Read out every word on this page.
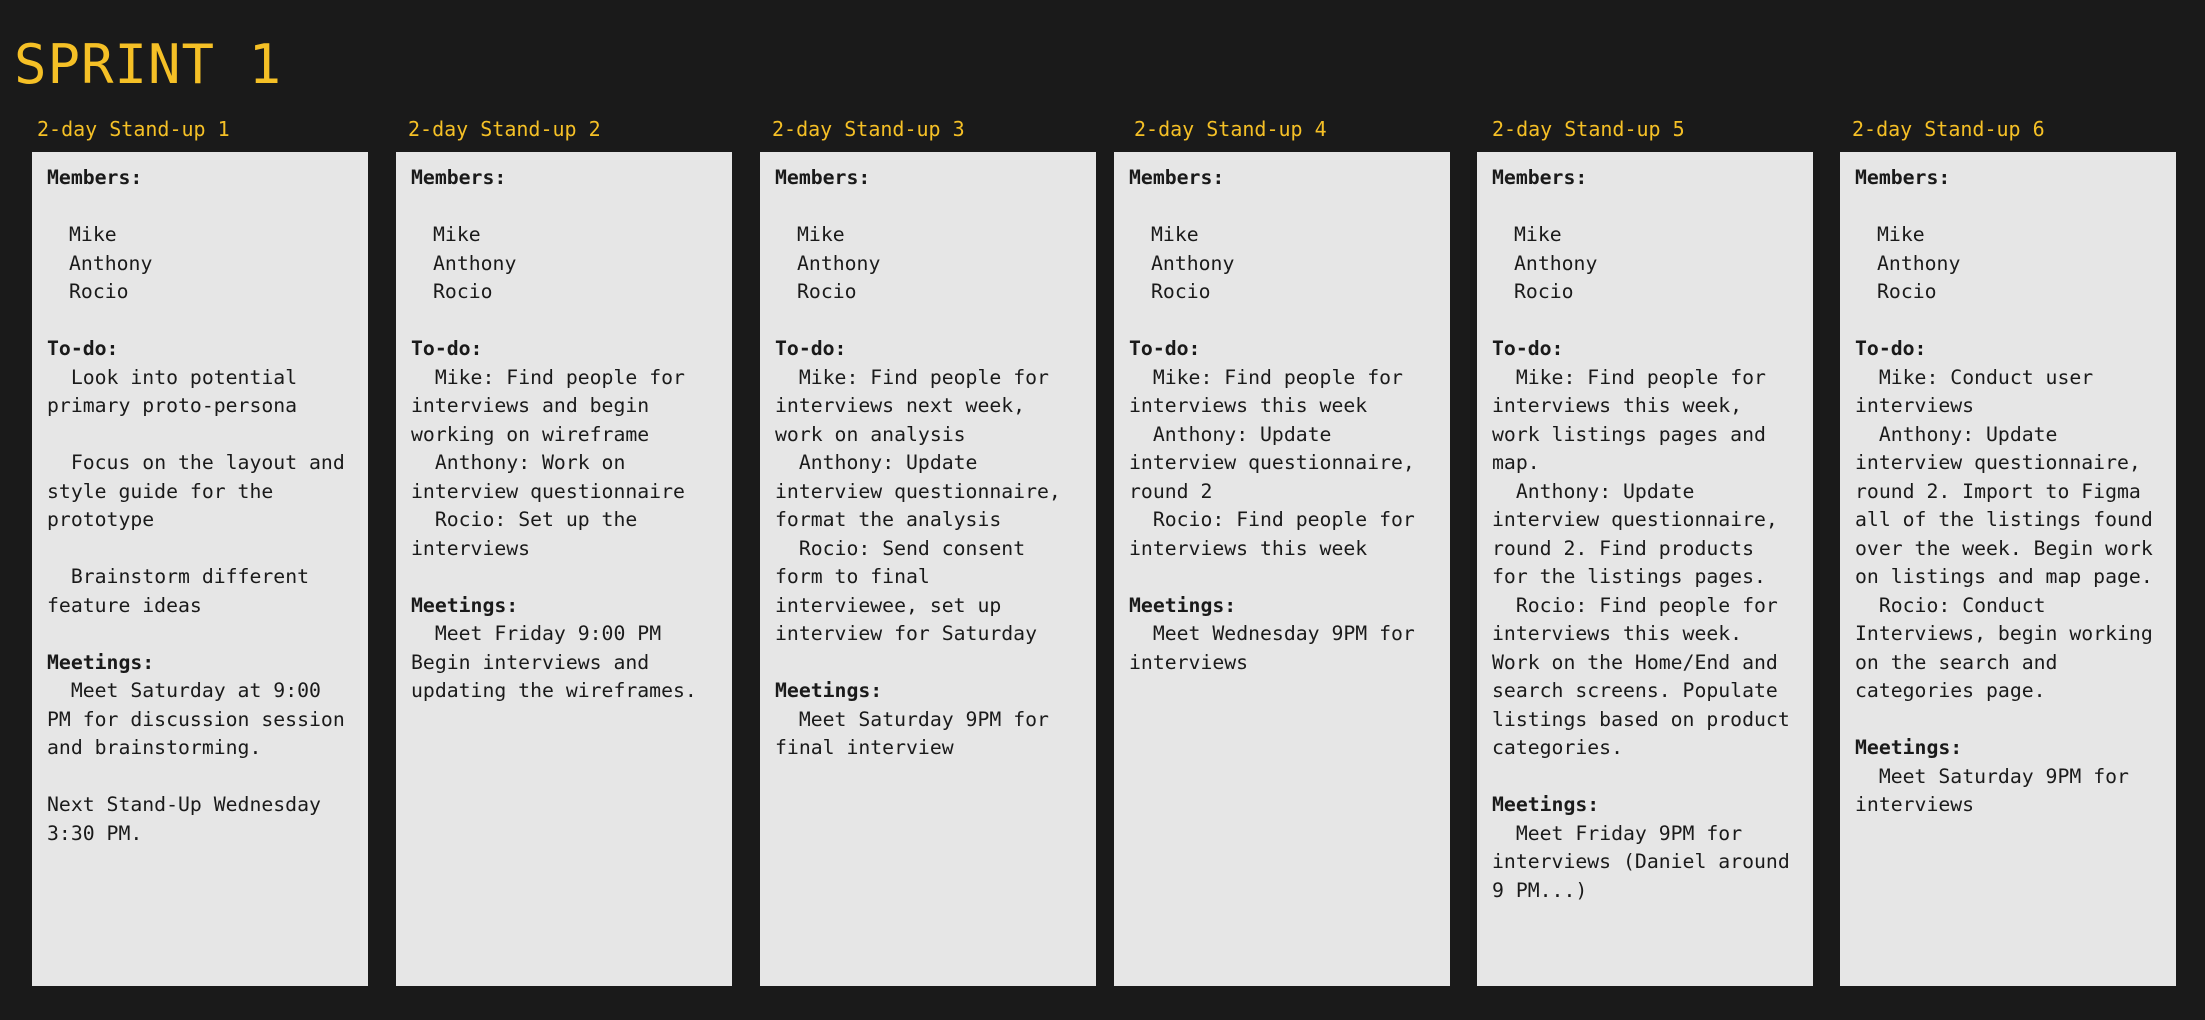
SPRINT 1
2-day Stand-up 1
Members:
Mike
Anthony
Rocio
To-do:
Look into potential primary proto-persona
Focus on the layout and style guide for the prototype
Brainstorm different feature ideas
Meetings:
Meet Saturday at 9:00 PM for discussion session and brainstorming.
Next Stand-Up Wednesday 3:30 PM.
2-day Stand-up 2
Members:
Mike
Anthony
Rocio
To-do:
Mike: Find people for interviews and begin working on wireframe
Anthony: Work on interview questionnaire
Rocio: Set up the interviews
Meetings:
Meet Friday 9:00 PM Begin interviews and updating the wireframes.
2-day Stand-up 3
Members:
Mike
Anthony
Rocio
To-do:
Mike: Find people for interviews next week, work on analysis
Anthony: Update interview questionnaire, format the analysis
Rocio: Send consent form to final interviewee, set up interview for Saturday
Meetings:
Meet Saturday 9PM for final interview
2-day Stand-up 4
Members:
Mike
Anthony
Rocio
To-do:
Mike: Find people for interviews this week
Anthony: Update interview questionnaire, round 2
Rocio: Find people for interviews this week
Meetings:
Meet Wednesday 9PM for interviews
2-day Stand-up 5
Members:
Mike
Anthony
Rocio
To-do:
Mike: Find people for interviews this week, work listings pages and map.
Anthony: Update interview questionnaire, round 2. Find products for the listings pages.
Rocio: Find people for interviews this week.
Work on the Home/End and search screens. Populate listings based on product categories.
Meetings:
Meet Friday 9PM for interviews (Daniel around 9 PM...)
2-day Stand-up 6
Members:
Mike
Anthony
Rocio
To-do:
Mike: Conduct user interviews
Anthony: Update interview questionnaire, round 2. Import to Figma all of the listings found over the week. Begin work on listings and map page.
Rocio: Conduct Interviews, begin working on the search and categories page.
Meetings:
Meet Saturday 9PM for interviews
